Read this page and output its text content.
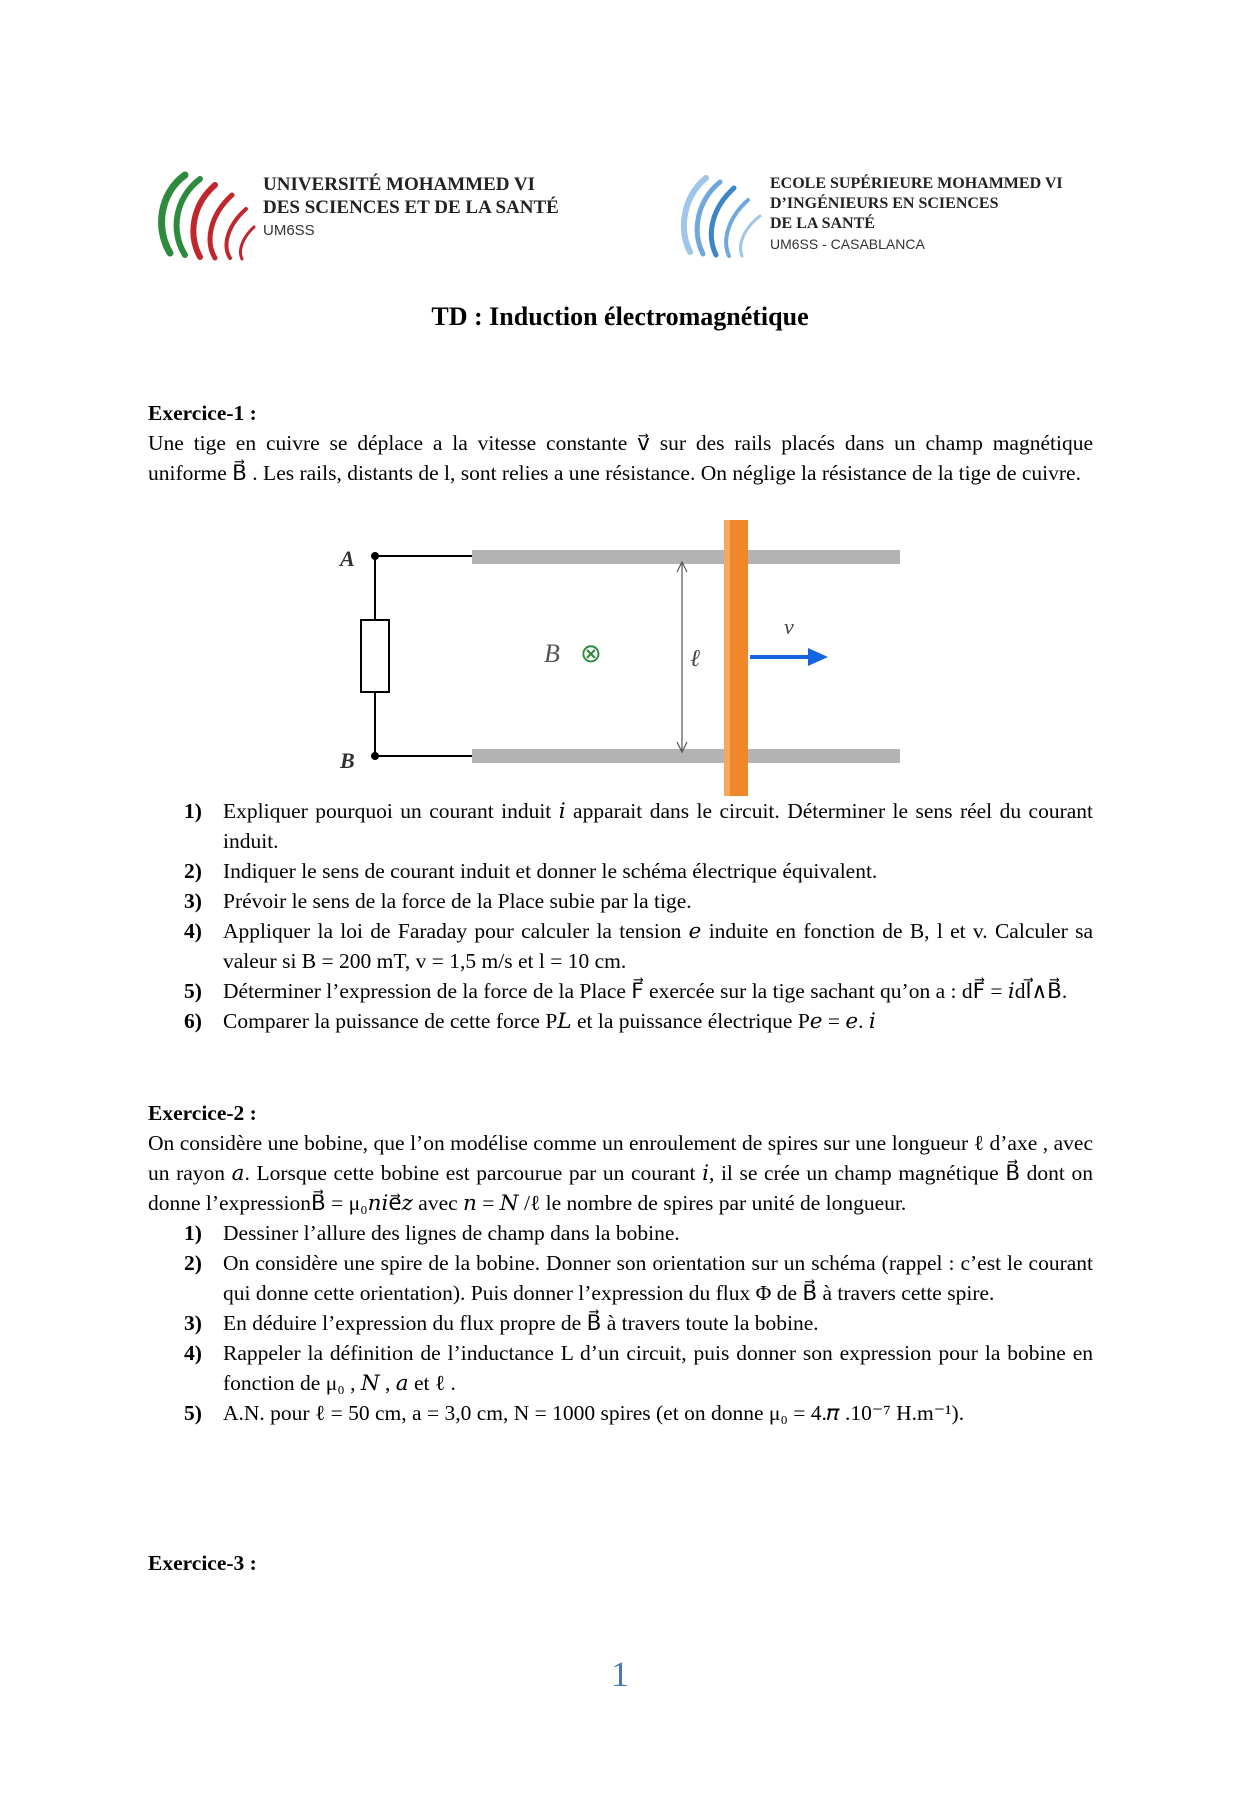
UNIVERSITÉ MOHAMMED VI
DES SCIENCES ET DE LA SANTÉ
UM6SS
ECOLE SUPÉRIEURE MOHAMMED VI
D’INGÉNIEURS EN SCIENCES
DE LA SANTÉ
UM6SS - CASABLANCA
TD : Induction électromagnétique
Exercice-1 :
Une tige en cuivre se déplace a la vitesse constante v⃗ sur des rails placés dans un champ magnétique uniforme B⃗ . Les rails, distants de l, sont relies a une résistance. On néglige la résistance de la tige de cuivre.
A
B
B⃗ ⊗	ℓ
v⃗
1) Expliquer pourquoi un courant induit 𝑖 apparait dans le circuit. Déterminer le sens réel du courant induit.
2) Indiquer le sens de courant induit et donner le schéma électrique équivalent.
3) Prévoir le sens de la force de la Place subie par la tige.
4) Appliquer la loi de Faraday pour calculer la tension 𝑒 induite en fonction de B, l et v. Calculer sa valeur si B = 200 mT, v = 1,5 m/s et l = 10 cm.
5) Déterminer l’expression de la force de la Place F⃗ exercée sur la tige sachant qu’on a : dF⃗ = 𝑖dl⃗∧B⃗.
6) Comparer la puissance de cette force P𝐿 et la puissance électrique P𝑒 = 𝑒. 𝑖
Exercice-2 :
On considère une bobine, que l’on modélise comme un enroulement de spires sur une longueur ℓ d’axe , avec un rayon 𝑎. Lorsque cette bobine est parcourue par un courant 𝑖, il se crée un champ magnétique B⃗ dont on donne l’expressionB⃗ = μ₀𝑛𝑖e⃗𝑧 avec 𝑛 = 𝑁 /ℓ le nombre de spires par unité de longueur.
1) Dessiner l’allure des lignes de champ dans la bobine.
2) On considère une spire de la bobine. Donner son orientation sur un schéma (rappel : c’est le courant qui donne cette orientation). Puis donner l’expression du flux Φ de B⃗ à travers cette spire.
3) En déduire l’expression du flux propre de B⃗ à travers toute la bobine.
4) Rappeler la définition de l’inductance L d’un circuit, puis donner son expression pour la bobine en fonction de μ₀ , 𝑁 , 𝑎 et ℓ .
5) A.N. pour ℓ = 50 cm, a = 3,0 cm, N = 1000 spires (et on donne μ₀ = 4.𝜋 .10⁻⁷ H.m⁻¹).
Exercice-3 :
1
